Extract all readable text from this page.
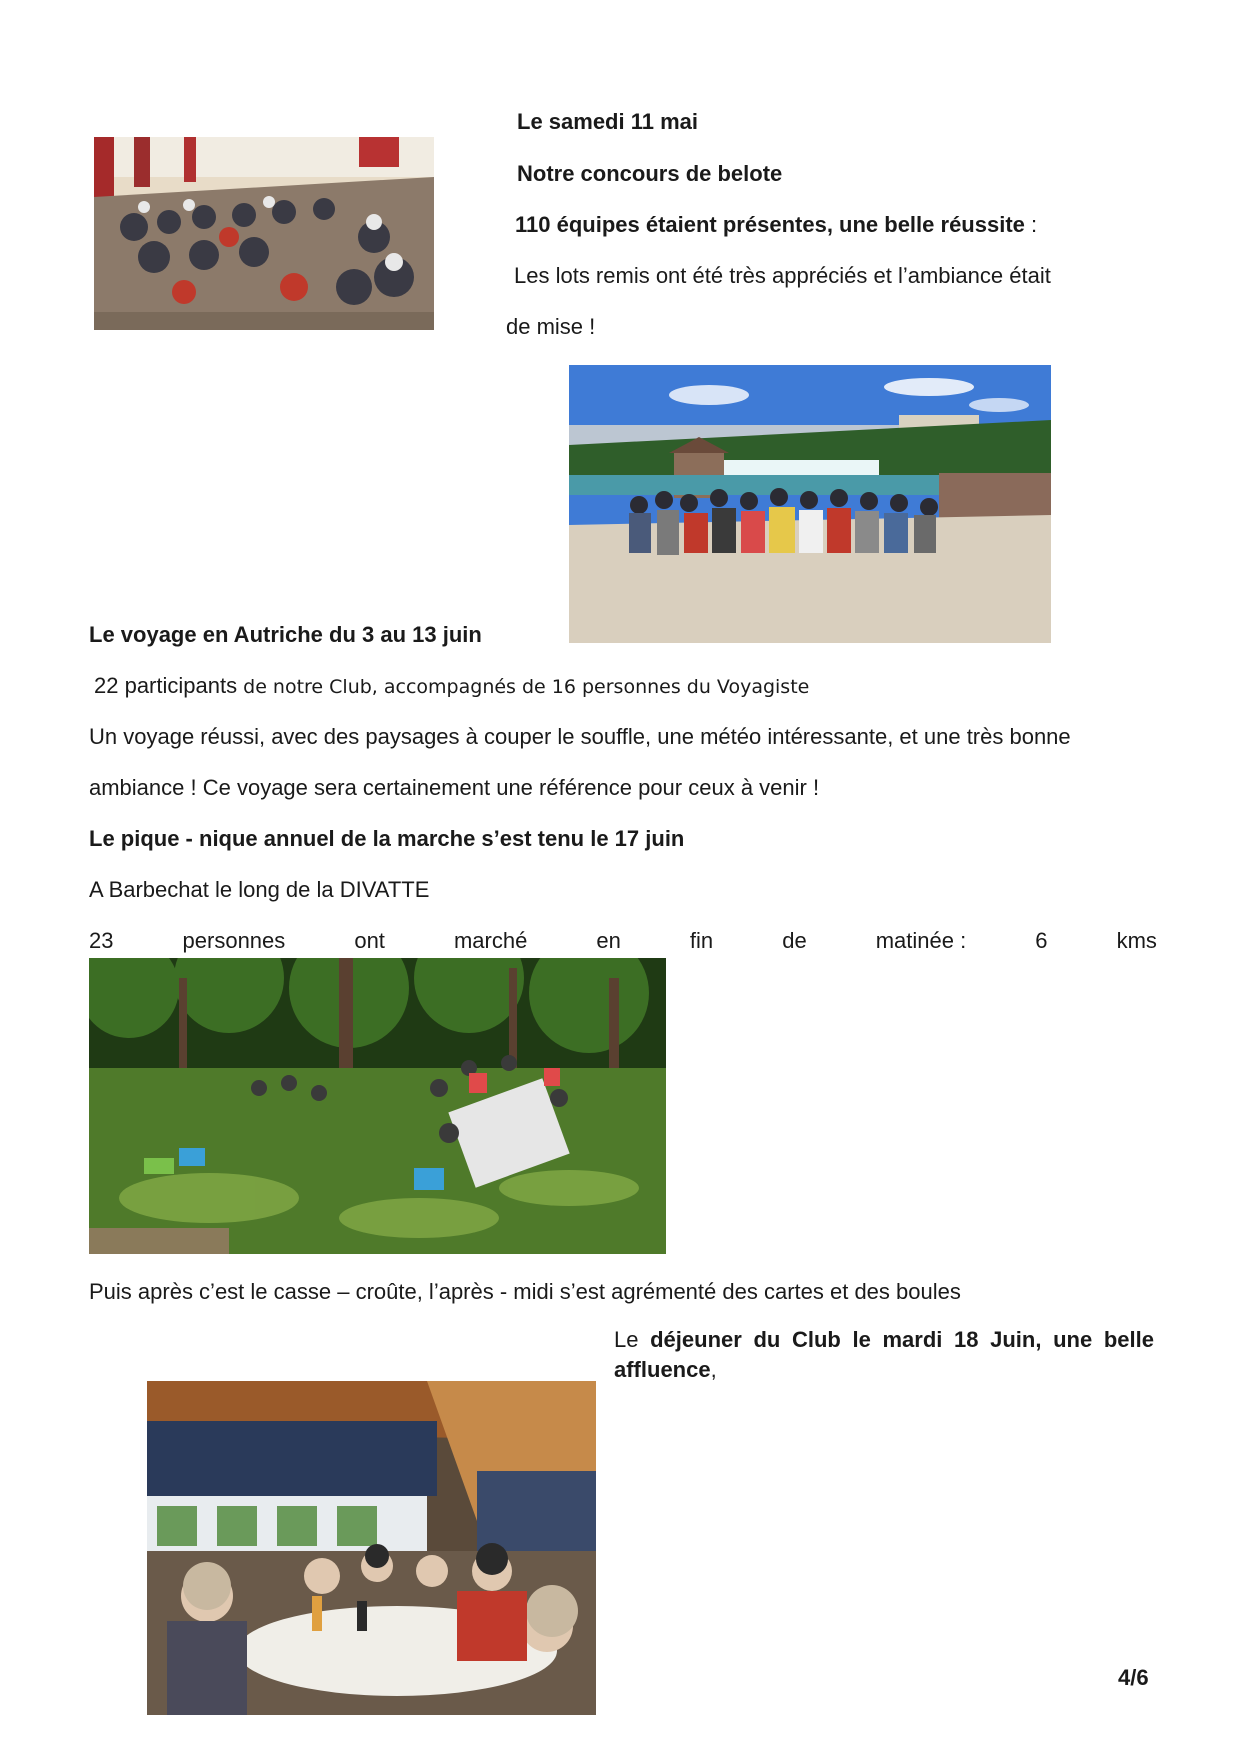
Le samedi 11 mai

Notre concours de belote

110 équipes étaient présentes, une belle réussite :

Les lots remis ont été très appréciés et l’ambiance était

de mise !

Le voyage en Autriche du 3 au 13 juin

22 participants de notre Club, accompagnés de 16 personnes du Voyagiste

Un voyage réussi, avec des paysages à couper le souffle, une météo intéressante, et une très bonne

ambiance ! Ce voyage sera certainement une référence pour ceux à venir !

Le pique - nique annuel de la marche s’est tenu le 17 juin

A Barbechat le long de la DIVATTE

23	personnes	ont	marché	en	fin	de	matinée :	6	kms

Puis après c’est le casse – croûte, l’après - midi s’est agrémenté des cartes et des boules

Le déjeuner du Club le mardi 18 Juin, une belle affluence,

4/6
